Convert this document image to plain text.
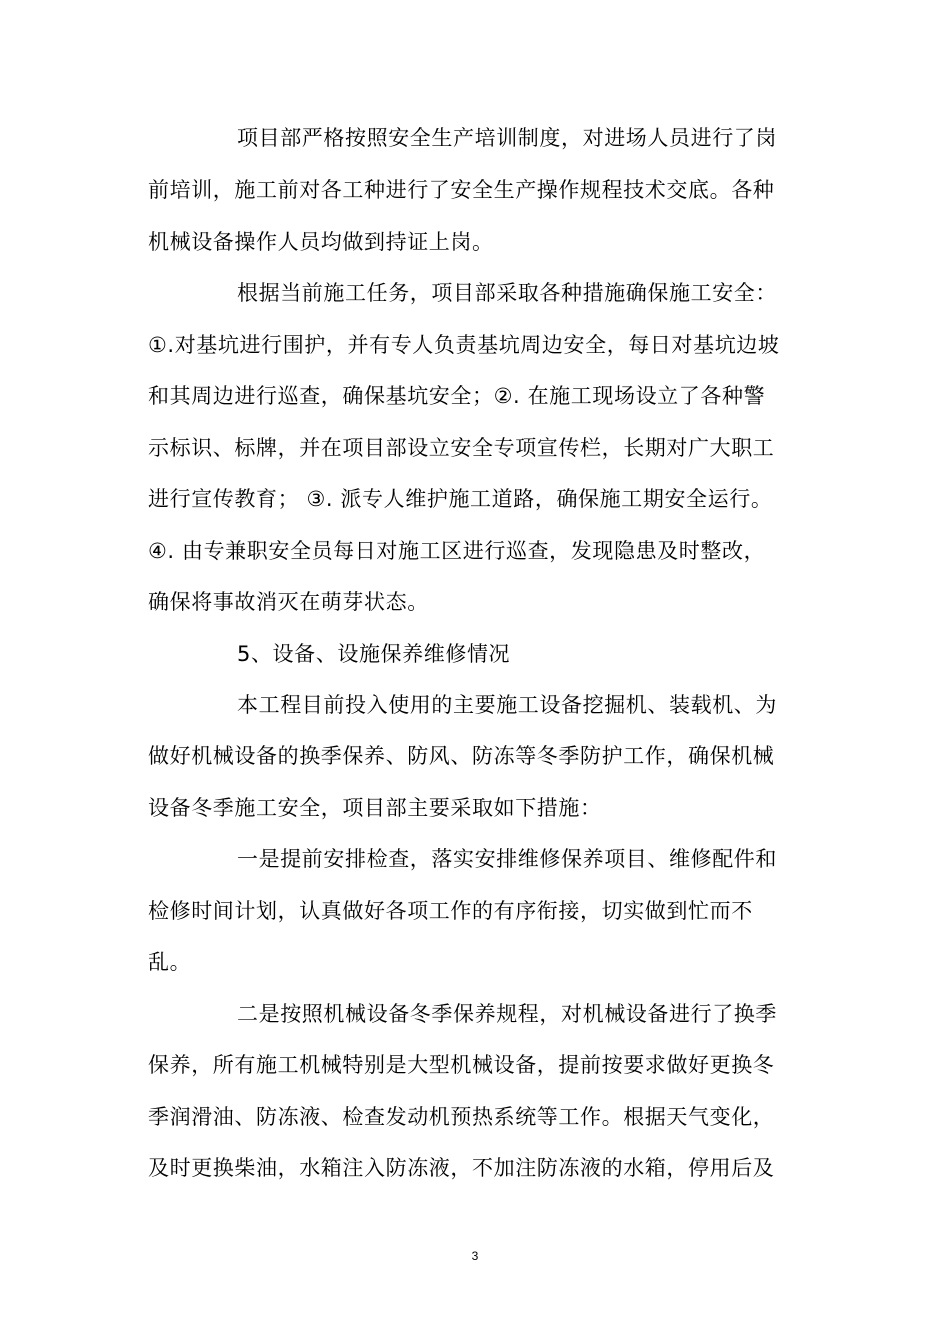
项目部严格按照安全生产培训制度，对进场人员进行了岗
前培训，施工前对各工种进行了安全生产操作规程技术交底。各种
机械设备操作人员均做到持证上岗。
根据当前施工任务，项目部采取各种措施确保施工安全：
①.对基坑进行围护，并有专人负责基坑周边安全，每日对基坑边坡
和其周边进行巡查，确保基坑安全；②. 在施工现场设立了各种警
示标识、标牌，并在项目部设立安全专项宣传栏，长期对广大职工
进行宣传教育； ③. 派专人维护施工道路，确保施工期安全运行。
④. 由专兼职安全员每日对施工区进行巡查，发现隐患及时整改，
确保将事故消灭在萌芽状态。
5、设备、设施保养维修情况
本工程目前投入使用的主要施工设备挖掘机、装载机、为
做好机械设备的换季保养、防风、防冻等冬季防护工作，确保机械
设备冬季施工安全，项目部主要采取如下措施：
一是提前安排检查，落实安排维修保养项目、维修配件和
检修时间计划，认真做好各项工作的有序衔接，切实做到忙而不
乱。
二是按照机械设备冬季保养规程，对机械设备进行了换季
保养，所有施工机械特别是大型机械设备，提前按要求做好更换冬
季润滑油、防冻液、检查发动机预热系统等工作。根据天气变化，
及时更换柴油，水箱注入防冻液，不加注防冻液的水箱，停用后及
3
